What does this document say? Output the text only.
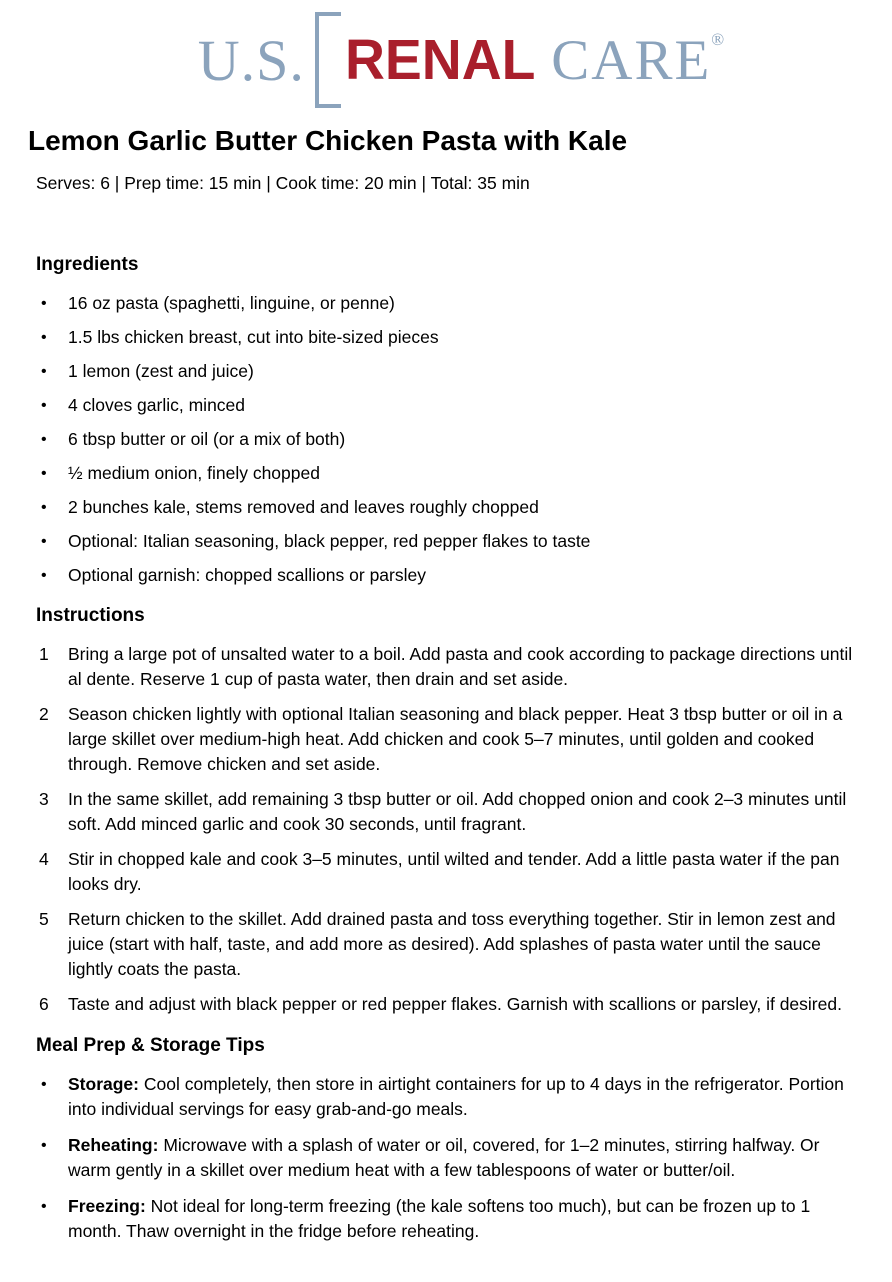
U.S. RENAL CARE ®
Lemon Garlic Butter Chicken Pasta with Kale
Serves: 6 | Prep time: 15 min | Cook time: 20 min | Total: 35 min
Ingredients
•	16 oz pasta (spaghetti, linguine, or penne)
•	1.5 lbs chicken breast, cut into bite-sized pieces
•	1 lemon (zest and juice)
•	4 cloves garlic, minced
•	6 tbsp butter or oil (or a mix of both)
•	½ medium onion, finely chopped
•	2 bunches kale, stems removed and leaves roughly chopped
•	Optional: Italian seasoning, black pepper, red pepper flakes to taste
•	Optional garnish: chopped scallions or parsley
Instructions
1	Bring a large pot of unsalted water to a boil. Add pasta and cook according to package directions until al dente. Reserve 1 cup of pasta water, then drain and set aside.
2	Season chicken lightly with optional Italian seasoning and black pepper. Heat 3 tbsp butter or oil in a large skillet over medium-high heat. Add chicken and cook 5–7 minutes, until golden and cooked through. Remove chicken and set aside.
3	In the same skillet, add remaining 3 tbsp butter or oil. Add chopped onion and cook 2–3 minutes until soft. Add minced garlic and cook 30 seconds, until fragrant.
4	Stir in chopped kale and cook 3–5 minutes, until wilted and tender. Add a little pasta water if the pan looks dry.
5	Return chicken to the skillet. Add drained pasta and toss everything together. Stir in lemon zest and juice (start with half, taste, and add more as desired). Add splashes of pasta water until the sauce lightly coats the pasta.
6	Taste and adjust with black pepper or red pepper flakes. Garnish with scallions or parsley, if desired.
Meal Prep & Storage Tips
•	Storage: Cool completely, then store in airtight containers for up to 4 days in the refrigerator. Portion into individual servings for easy grab-and-go meals.
•	Reheating: Microwave with a splash of water or oil, covered, for 1–2 minutes, stirring halfway. Or warm gently in a skillet over medium heat with a few tablespoons of water or butter/oil.
•	Freezing: Not ideal for long-term freezing (the kale softens too much), but can be frozen up to 1 month. Thaw overnight in the fridge before reheating.
